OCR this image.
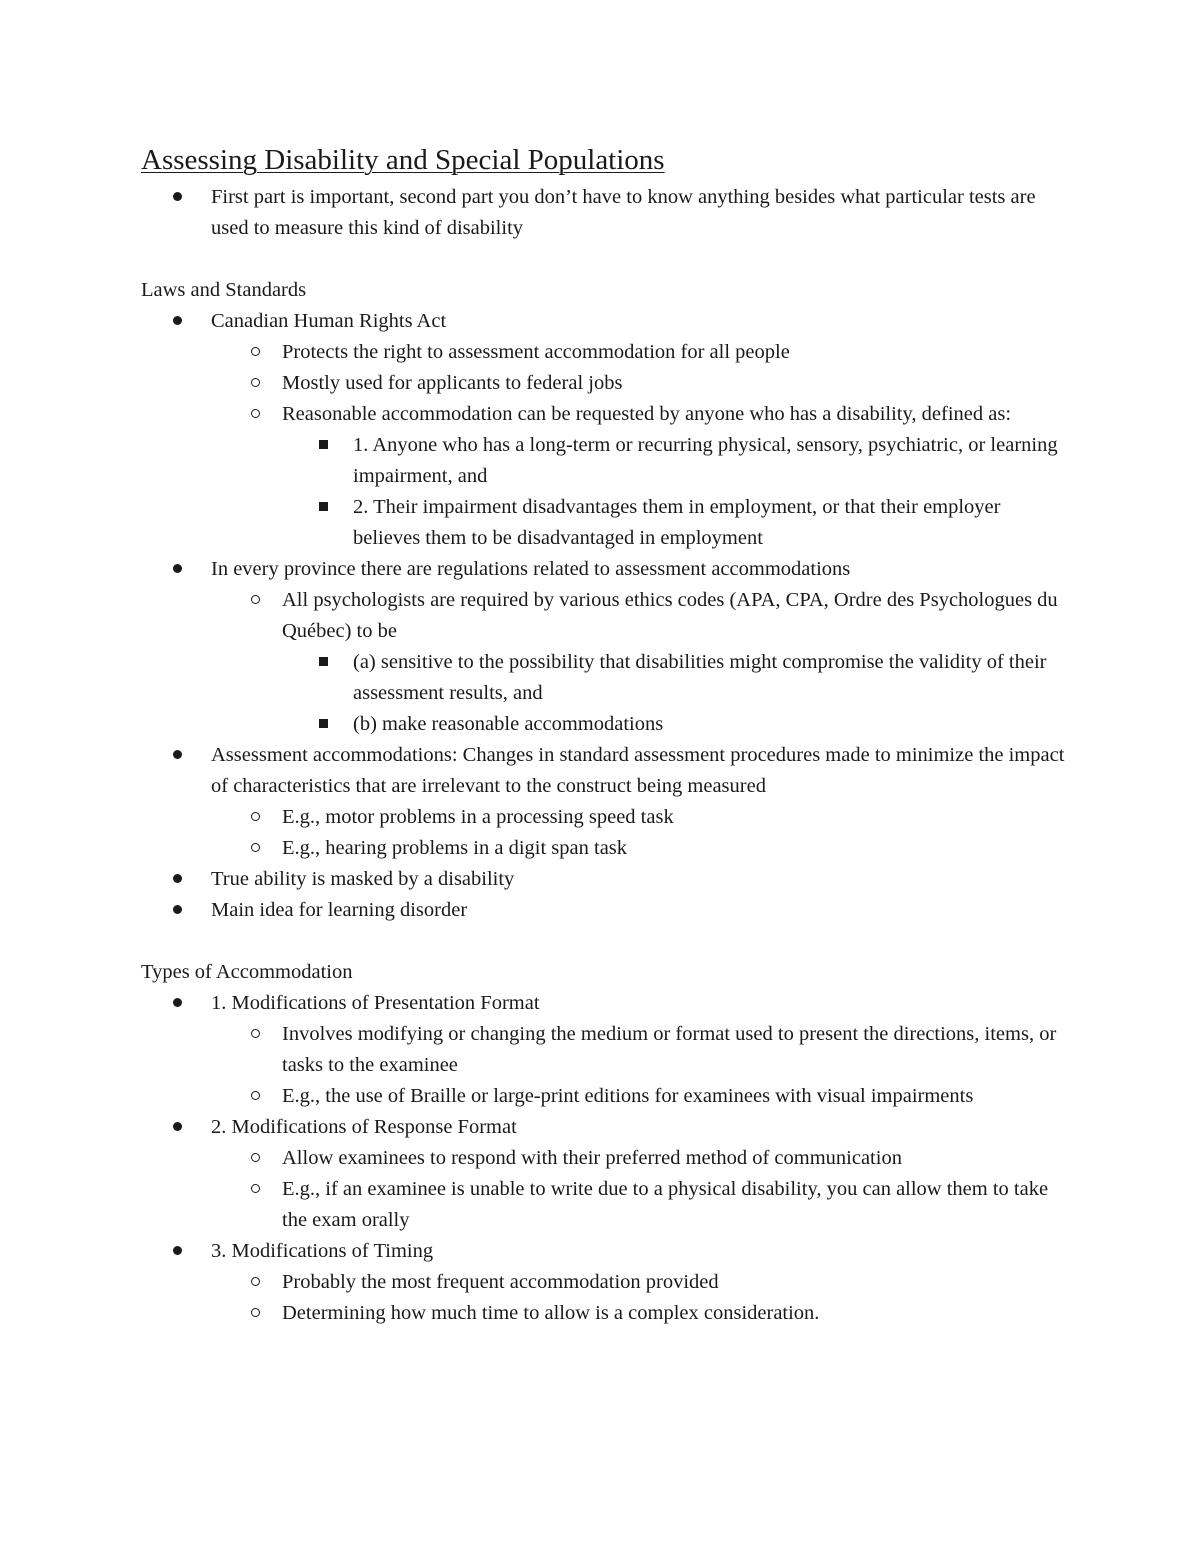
Assessing Disability and Special Populations
First part is important, second part you don’t have to know anything besides what particular tests are used to measure this kind of disability
Laws and Standards
Canadian Human Rights Act
Protects the right to assessment accommodation for all people
Mostly used for applicants to federal jobs
Reasonable accommodation can be requested by anyone who has a disability, defined as:
1. Anyone who has a long-term or recurring physical, sensory, psychiatric, or learning impairment, and
2. Their impairment disadvantages them in employment, or that their employer believes them to be disadvantaged in employment
In every province there are regulations related to assessment accommodations
All psychologists are required by various ethics codes (APA, CPA, Ordre des Psychologues du Québec) to be
(a) sensitive to the possibility that disabilities might compromise the validity of their assessment results, and
(b) make reasonable accommodations
Assessment accommodations: Changes in standard assessment procedures made to minimize the impact of characteristics that are irrelevant to the construct being measured
E.g., motor problems in a processing speed task
E.g., hearing problems in a digit span task
True ability is masked by a disability
Main idea for learning disorder
Types of Accommodation
1. Modifications of Presentation Format
Involves modifying or changing the medium or format used to present the directions, items, or tasks to the examinee
E.g., the use of Braille or large-print editions for examinees with visual impairments
2. Modifications of Response Format
Allow examinees to respond with their preferred method of communication
E.g., if an examinee is unable to write due to a physical disability, you can allow them to take the exam orally
3. Modifications of Timing
Probably the most frequent accommodation provided
Determining how much time to allow is a complex consideration.
